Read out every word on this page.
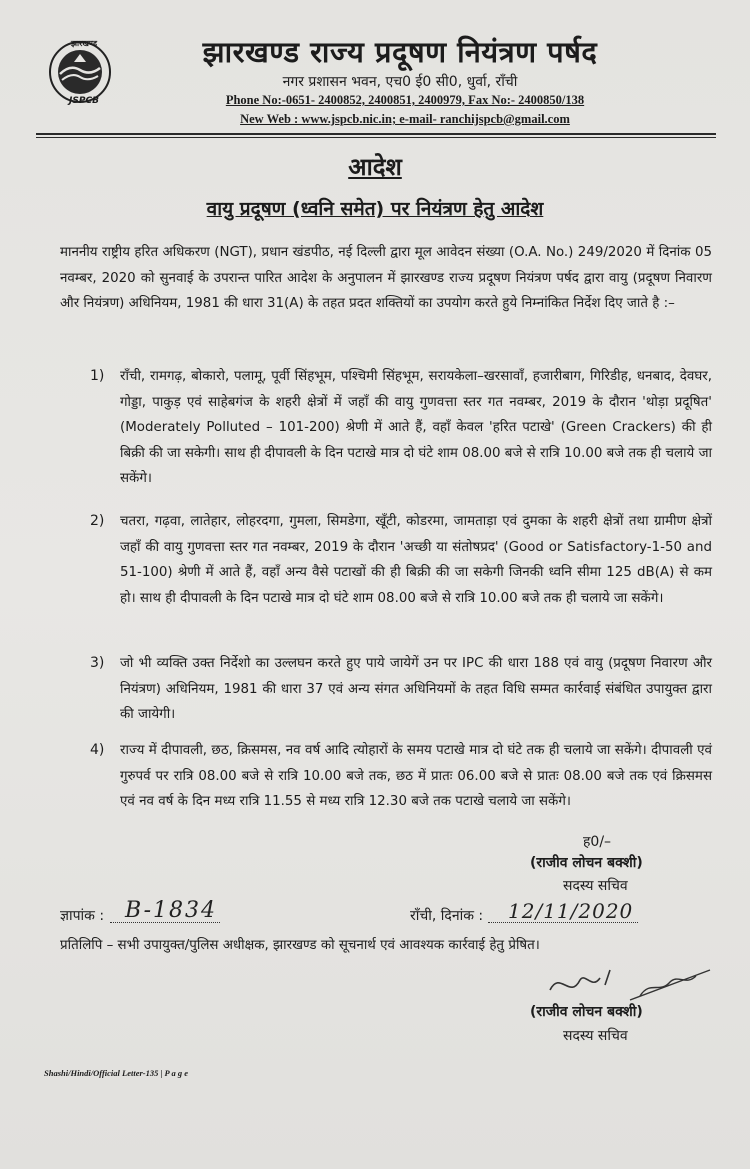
झारखण्ड
JSPCB
झारखण्ड राज्य प्रदूषण नियंत्रण पर्षद
नगर प्रशासन भवन, एच0 ई0 सी0, धुर्वा, राँची
Phone No:-0651- 2400852, 2400851, 2400979, Fax No:- 2400850/138
New Web : www.jspcb.nic.in; e-mail- ranchijspcb@gmail.com
आदेश
वायु प्रदूषण (ध्वनि समेत) पर नियंत्रण हेतु आदेश
माननीय राष्ट्रीय हरित अधिकरण (NGT), प्रधान खंडपीठ, नई दिल्ली द्वारा मूल आवेदन संख्या (O.A. No.) 249/2020 में दिनांक 05 नवम्बर, 2020 को सुनवाई के उपरान्त पारित आदेश के अनुपालन में झारखण्ड राज्य प्रदूषण नियंत्रण पर्षद द्वारा वायु (प्रदूषण निवारण और नियंत्रण) अधिनियम, 1981 की धारा 31(A) के तहत प्रदत शक्तियों का उपयोग करते हुये निम्नांकित निर्देश दिए जाते है :–
1) राँची, रामगढ़, बोकारो, पलामू, पूर्वी सिंहभूम, पश्चिमी सिंहभूम, सरायकेला–खरसावाँ, हजारीबाग, गिरिडीह, धनबाद, देवघर, गोड्डा, पाकुड़ एवं साहेबगंज के शहरी क्षेत्रों में जहाँ की वायु गुणवत्ता स्तर गत नवम्बर, 2019 के दौरान 'थोड़ा प्रदूषित' (Moderately Polluted – 101-200) श्रेणी में आते हैं, वहाँ केवल 'हरित पटाखे' (Green Crackers) की ही बिक्री की जा सकेगी। साथ ही दीपावली के दिन पटाखे मात्र दो घंटे शाम 08.00 बजे से रात्रि 10.00 बजे तक ही चलाये जा सकेंगे।
2) चतरा, गढ़वा, लातेहार, लोहरदगा, गुमला, सिमडेगा, खूँटी, कोडरमा, जामताड़ा एवं दुमका के शहरी क्षेत्रों तथा ग्रामीण क्षेत्रों जहाँ की वायु गुणवत्ता स्तर गत नवम्बर, 2019 के दौरान 'अच्छी या संतोषप्रद' (Good or Satisfactory-1-50 and 51-100) श्रेणी में आते हैं, वहाँ अन्य वैसे पटाखों की ही बिक्री की जा सकेगी जिनकी ध्वनि सीमा 125 dB(A) से कम हो। साथ ही दीपावली के दिन पटाखे मात्र दो घंटे शाम 08.00 बजे से रात्रि 10.00 बजे तक ही चलाये जा सकेंगे।
3) जो भी व्यक्ति उक्त निर्देशो का उल्लघन करते हुए पाये जायेगें उन पर IPC की धारा 188 एवं वायु (प्रदूषण निवारण और नियंत्रण) अधिनियम, 1981 की धारा 37 एवं अन्य संगत अधिनियमों के तहत विधि सम्मत कार्रवाई संबंधित उपायुक्त द्वारा की जायेगी।
4) राज्य में दीपावली, छठ, क्रिसमस, नव वर्ष आदि त्योहारों के समय पटाखे मात्र दो घंटे तक ही चलाये जा सकेंगे। दीपावली एवं गुरुपर्व पर रात्रि 08.00 बजे से रात्रि 10.00 बजे तक, छठ में प्रातः 06.00 बजे से प्रातः 08.00 बजे तक एवं क्रिसमस एवं नव वर्ष के दिन मध्य रात्रि 11.55 से मध्य रात्रि 12.30 बजे तक पटाखे चलाये जा सकेंगे।
ह0/–
(राजीव लोचन बक्शी)
सदस्य सचिव
ज्ञापांक : B-1834	राँची, दिनांक : 12/11/2020
प्रतिलिपि – सभी उपायुक्त/पुलिस अधीक्षक, झारखण्ड को सूचनार्थ एवं आवश्यक कार्रवाई हेतु प्रेषित।
(राजीव लोचन बक्शी)
सदस्य सचिव
Shashi/Hindi/Official Letter-135 | P a g e
